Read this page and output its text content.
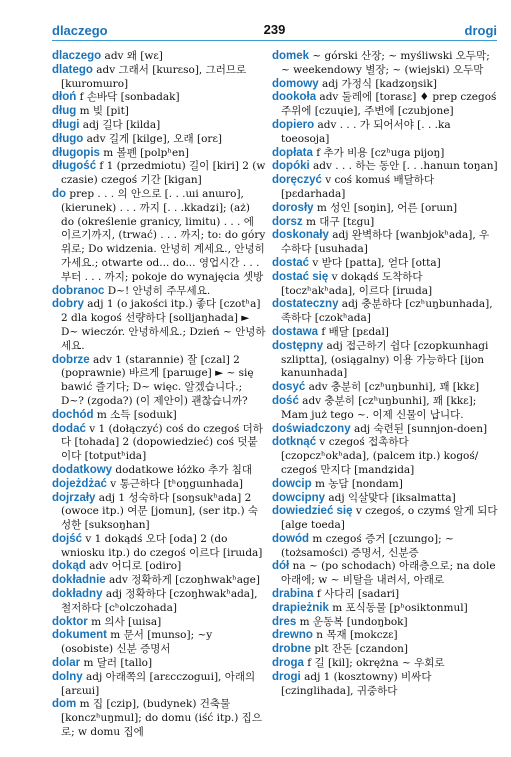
dlaczego	239	drogi

dlaczego adv 왜 [wɛ]

dlatego adv 그래서 [kɯrɛso], 그러므로 [kɯromɯro]

dłoń f 손바닥 [sonbadak]

dług m 빚 [pit]

długi adj 길다 [kilda]

długo adv 길게 [kilge], 오래 [orɛ]

długopis m 볼펜 [polpʰen]

długość f 1 (przedmiotu) 길이 [kiri] 2 (w czasie) czegoś 기간 [kigan]

do prep . . . 의 안으로 [. . .ɯi anɯro], (kierunek) . . . 까지 [. . .kkadʑi]; (aż) do (określenie granicy, limitu) . . . 에 이르기까지, (trwać) . . . 까지; to: do góry 위로; Do widzenia. 안녕히 계세요., 안녕히 가세요.; otwarte od... do... 영업시간 . . . 부터 . . . 까지; pokoje do wynajęcia 셋방

dobranoc D~! 안녕히 주무세요.

dobry adj 1 (o jakości itp.) 좋다 [czotʰa] 2 dla kogoś 선량하다 [solljaŋhada] ► D~ wieczór. 안녕하세요.; Dzień ~ 안녕하세요.

dobrze adv 1 (starannie) 잘 [czal] 2 (poprawnie) 바르게 [parɯge] ► ~ się bawić 즐기다; D~ więc. 알겠습니다.; D~? (zgoda?) (이 제안이) 괜찮습니까?

dochód m 소득 [sodɯk]

dodać v 1 (dołączyć) coś do czegoś 더하다 [tohada] 2 (dopowiedzieć) coś 덧붙이다 [totputʰida]

dodatkowy dodatkowe łóżko 추가 침대

dojeżdżać v 통근하다 [tʰoŋgɯnhada]

dojrzały adj 1 성숙하다 [soŋsukʰada] 2 (owoce itp.) 여문 [jomun], (ser itp.) 숙성한 [suksoŋhan]

dojść v 1 dokądś 오다 [oda] 2 (do wniosku itp.) do czegoś 이르다 [irɯda]

dokąd adv 어디로 [odiro]

dokładnie adv 정확하게 [czoŋhwakʰage]

dokładny adj 정확하다 [czoŋhwakʰada], 철저하다 [cʰolczohada]

doktor m 의사 [ɯisa]

dokument m 문서 [munso]; ~y (osobiste) 신분 증명서

dolar m 달러 [tallo]

dolny adj 아래쪽의 [arɛcczogɯi], 아래의 [arɛɯi]

dom m 집 [czip], (budynek) 건축물 [konczʰuŋmul]; do domu (iść itp.) 집으로; w domu 집에

domek ~ górski 산장; ~ myśliwski 오두막; ~ weekendowy 별장; ~ (wiejski) 오두막

domowy adj 가정식 [kadʑoŋsik]

dookoła adv 둘레에 [torasɛ] ♦ prep czegoś 주위에 [czuɥie], 주변에 [czubjone]

dopiero adv . . . 가 되어서야 [. . .ka toeosoja]

dopłata f 추가 비용 [czʰuga pijoŋ]

dopóki adv . . . 하는 동안 [. . .hanɯn toŋan]

doręczyć v coś komuś 배달하다 [pɛdarhada]

dorosły m 성인 [soŋin], 어른 [orɯn]

dorsz m 대구 [tɛgu]

doskonały adj 완벽하다 [wanbjokʰada], 우수하다 [usuhada]

dostać v 받다 [patta], 얻다 [otta]

dostać się v dokądś 도착하다 [toczʰakʰada], 이르다 [irɯda]

dostateczny adj 충분하다 [czʰuŋbunhada], 족하다 [czokʰada]

dostawa f 배달 [pɛdal]

dostępny adj 접근하기 쉽다 [czopkɯnhagi szliptta], (osiągalny) 이용 가능하다 [ijon kanɯnhada]

dosyć adv 충분히 [czʰuŋbunhi], 꽤 [kkɛ]

dość adv 충분히 [czʰuŋbunhi], 꽤 [kkɛ]; Mam już tego ~. 이제 신물이 납니다.

doświadczony adj 숙련된 [sunnjon-doen]

dotknąć v czegoś 접촉하다 [czopczʰokʰada], (palcem itp.) kogoś/ czegoś 만지다 [mandʑida]

dowcip m 농담 [nondam]

dowcipny adj 익살맞다 [iksalmatta]

dowiedzieć się v czegoś, o czymś 알게 되다 [alge toeda]

dowód m czegoś 증거 [czɯngo]; ~ (tożsamości) 증명서, 신분증

dół na ~ (po schodach) 아래층으로; na dole 아래에; w ~ 비탈을 내려서, 아래로

drabina f 사다리 [sadari]

drapieżnik m 포식동물 [pʰosiktonmul]

dres m 운동복 [undoŋbok]

drewno n 목재 [mokczɛ]

drobne plt 잔돈 [czandon]

droga f 길 [kil]; okrężna ~ 우회로

drogi adj 1 (kosztowny) 비싸다 [czinglihada], 귀중하다
